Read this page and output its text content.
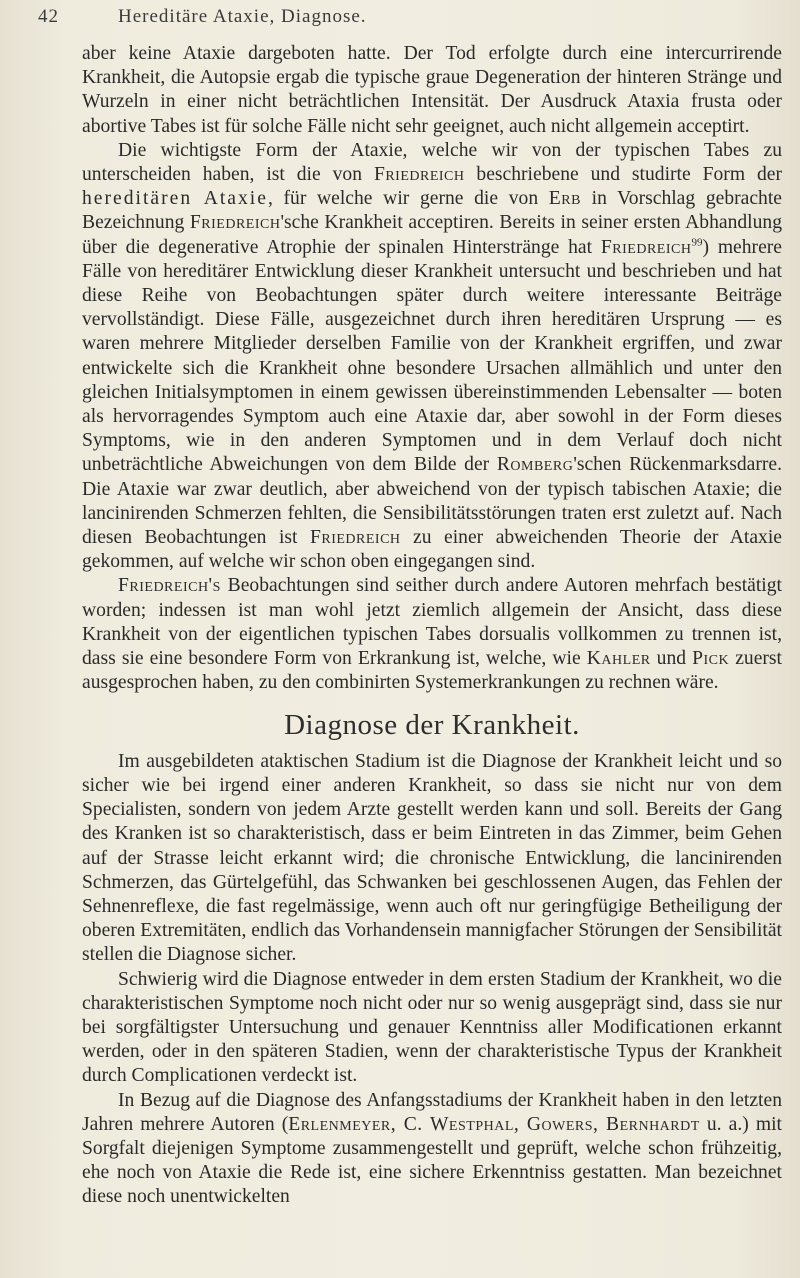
42	Hereditäre Ataxie, Diagnose.

aber keine Ataxie dargeboten hatte. Der Tod erfolgte durch eine intercurrirende Krankheit, die Autopsie ergab die typische graue Degeneration der hinteren Stränge und Wurzeln in einer nicht beträchtlichen Intensität. Der Ausdruck Ataxia frusta oder abortive Tabes ist für solche Fälle nicht sehr geeignet, auch nicht allgemein acceptirt.

Die wichtigste Form der Ataxie, welche wir von der typischen Tabes zu unterscheiden haben, ist die von Friedreich beschriebene und studirte Form der hereditären Ataxie, für welche wir gerne die von Erb in Vorschlag gebrachte Bezeichnung Friedreich'sche Krankheit acceptiren. Bereits in seiner ersten Abhandlung über die degenerative Atrophie der spinalen Hinterstränge hat Friedreich$^{99}$) mehrere Fälle von hereditärer Entwicklung dieser Krankheit untersucht und beschrieben und hat diese Reihe von Beobachtungen später durch weitere interessante Beiträge vervollständigt. Diese Fälle, ausgezeichnet durch ihren hereditären Ursprung — es waren mehrere Mitglieder derselben Familie von der Krankheit ergriffen, und zwar entwickelte sich die Krankheit ohne besondere Ursachen allmählich und unter den gleichen Initialsymptomen in einem gewissen übereinstimmenden Lebensalter — boten als hervorragendes Symptom auch eine Ataxie dar, aber sowohl in der Form dieses Symptoms, wie in den anderen Symptomen und in dem Verlauf doch nicht unbeträchtliche Abweichungen von dem Bilde der Romberg'schen Rückenmarksdarre. Die Ataxie war zwar deutlich, aber abweichend von der typisch tabischen Ataxie; die lancinirenden Schmerzen fehlten, die Sensibilitätsstörungen traten erst zuletzt auf. Nach diesen Beobachtungen ist Friedreich zu einer abweichenden Theorie der Ataxie gekommen, auf welche wir schon oben eingegangen sind.

Friedreich's Beobachtungen sind seither durch andere Autoren mehrfach bestätigt worden; indessen ist man wohl jetzt ziemlich allgemein der Ansicht, dass diese Krankheit von der eigentlichen typischen Tabes dorsualis vollkommen zu trennen ist, dass sie eine besondere Form von Erkrankung ist, welche, wie Kahler und Pick zuerst ausgesprochen haben, zu den combinirten Systemerkrankungen zu rechnen wäre.

Diagnose der Krankheit.

Im ausgebildeten ataktischen Stadium ist die Diagnose der Krankheit leicht und so sicher wie bei irgend einer anderen Krankheit, so dass sie nicht nur von dem Specialisten, sondern von jedem Arzte gestellt werden kann und soll. Bereits der Gang des Kranken ist so charakteristisch, dass er beim Eintreten in das Zimmer, beim Gehen auf der Strasse leicht erkannt wird; die chronische Entwicklung, die lancinirenden Schmerzen, das Gürtelgefühl, das Schwanken bei geschlossenen Augen, das Fehlen der Sehnenreflexe, die fast regelmässige, wenn auch oft nur geringfügige Betheiligung der oberen Extremitäten, endlich das Vorhandensein mannigfacher Störungen der Sensibilität stellen die Diagnose sicher.

Schwierig wird die Diagnose entweder in dem ersten Stadium der Krankheit, wo die charakteristischen Symptome noch nicht oder nur so wenig ausgeprägt sind, dass sie nur bei sorgfältigster Untersuchung und genauer Kenntniss aller Modificationen erkannt werden, oder in den späteren Stadien, wenn der charakteristische Typus der Krankheit durch Complicationen verdeckt ist.

In Bezug auf die Diagnose des Anfangsstadiums der Krankheit haben in den letzten Jahren mehrere Autoren (Erlenmeyer, C. Westphal, Gowers, Bernhardt u. a.) mit Sorgfalt diejenigen Symptome zusammengestellt und geprüft, welche schon frühzeitig, ehe noch von Ataxie die Rede ist, eine sichere Erkenntniss gestatten. Man bezeichnet diese noch unentwickelten
